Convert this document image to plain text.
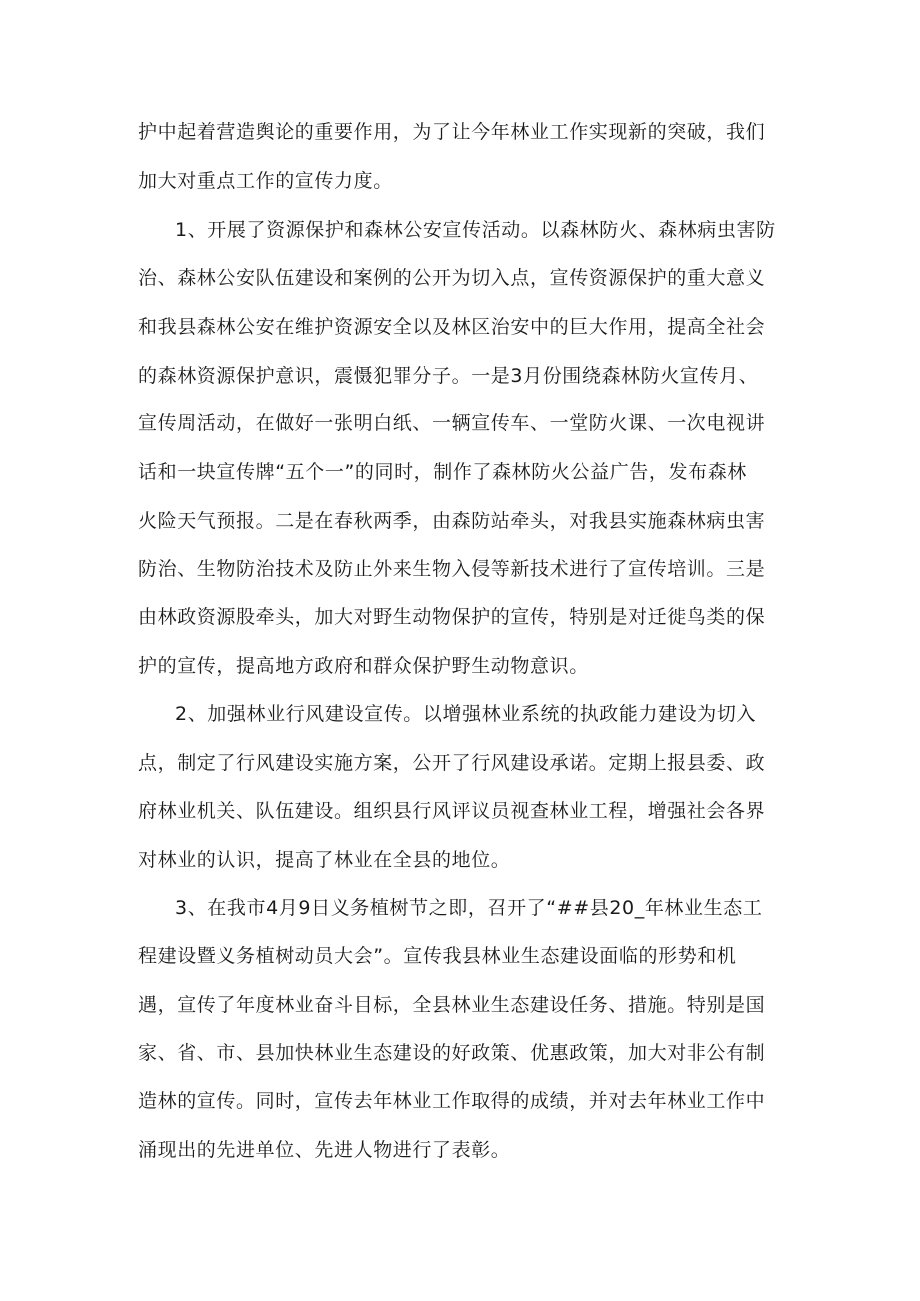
护中起着营造舆论的重要作用，为了让今年林业工作实现新的突破，我们
加大对重点工作的宣传力度。
1、开展了资源保护和森林公安宣传活动。以森林防火、森林病虫害防
治、森林公安队伍建设和案例的公开为切入点，宣传资源保护的重大意义
和我县森林公安在维护资源安全以及林区治安中的巨大作用，提高全社会
的森林资源保护意识，震慑犯罪分子。一是3月份围绕森林防火宣传月、
宣传周活动，在做好一张明白纸、一辆宣传车、一堂防火课、一次电视讲
话和一块宣传牌“五个一”的同时，制作了森林防火公益广告，发布森林
火险天气预报。二是在春秋两季，由森防站牵头，对我县实施森林病虫害
防治、生物防治技术及防止外来生物入侵等新技术进行了宣传培训。三是
由林政资源股牵头，加大对野生动物保护的宣传，特别是对迁徙鸟类的保
护的宣传，提高地方政府和群众保护野生动物意识。
2、加强林业行风建设宣传。以增强林业系统的执政能力建设为切入
点，制定了行风建设实施方案，公开了行风建设承诺。定期上报县委、政
府林业机关、队伍建设。组织县行风评议员视查林业工程，增强社会各界
对林业的认识，提高了林业在全县的地位。
3、在我市4月9日义务植树节之即，召开了“##县20_年林业生态工
程建设暨义务植树动员大会”。宣传我县林业生态建设面临的形势和机
遇，宣传了年度林业奋斗目标，全县林业生态建设任务、措施。特别是国
家、省、市、县加快林业生态建设的好政策、优惠政策，加大对非公有制
造林的宣传。同时，宣传去年林业工作取得的成绩，并对去年林业工作中
涌现出的先进单位、先进人物进行了表彰。
